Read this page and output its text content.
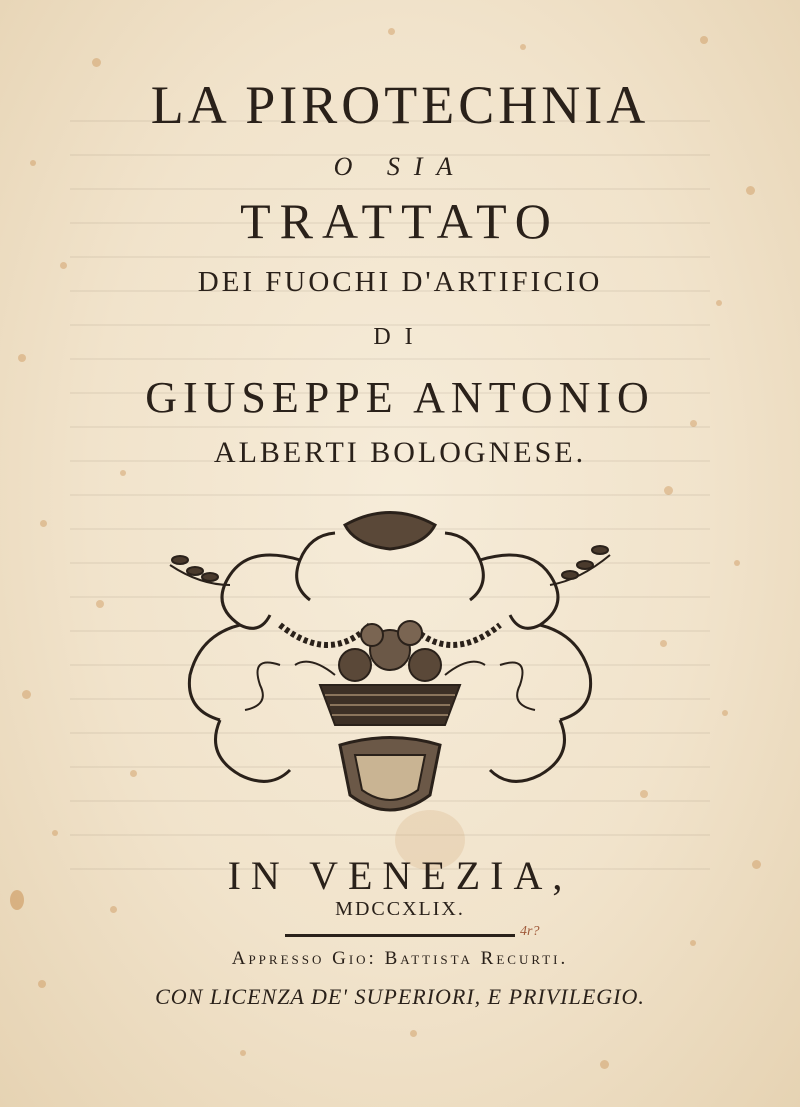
LA PIROTECHNIA
O SIA
TRATTATO
DEI FUOCHI D'ARTIFICIO
DI
GIUSEPPE ANTONIO
ALBERTI BOLOGNESE.
IN VENEZIA,
MDCCXLIX.
4r?
Appresso Gio: Battista Recurti.
CON LICENZA DE' SUPERIORI, E PRIVILEGIO.
